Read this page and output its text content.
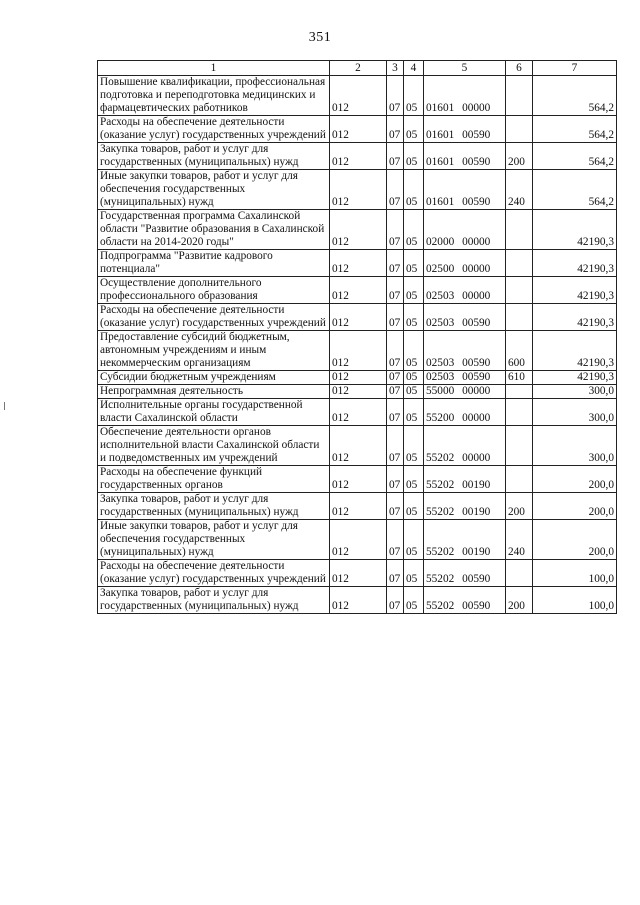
351
1	2	3	4	5	6	7
Повышение квалификации, профессиональная подготовка и переподготовка медицинских и фармацевтических работников	012	07	05	01601 00000		564,2
Расходы на обеспечение деятельности (оказание услуг) государственных учреждений	012	07	05	01601 00590		564,2
Закупка товаров, работ и услуг для государственных (муниципальных) нужд	012	07	05	01601 00590	200	564,2
Иные закупки товаров, работ и услуг для обеспечения государственных (муниципальных) нужд	012	07	05	01601 00590	240	564,2
Государственная программа Сахалинской области "Развитие образования в Сахалинской области на 2014-2020 годы"	012	07	05	02000 00000		42190,3
Подпрограмма "Развитие кадрового потенциала"	012	07	05	02500 00000		42190,3
Осуществление дополнительного профессионального образования	012	07	05	02503 00000		42190,3
Расходы на обеспечение деятельности (оказание услуг) государственных учреждений	012	07	05	02503 00590		42190,3
Предоставление субсидий бюджетным, автономным учреждениям и иным некоммерческим организациям	012	07	05	02503 00590	600	42190,3
Субсидии бюджетным учреждениям	012	07	05	02503 00590	610	42190,3
Непрограммная деятельность	012	07	05	55000 00000		300,0
Исполнительные органы государственной власти Сахалинской области	012	07	05	55200 00000		300,0
Обеспечение деятельности органов исполнительной власти Сахалинской области и подведомственных им учреждений	012	07	05	55202 00000		300,0
Расходы на обеспечение функций государственных органов	012	07	05	55202 00190		200,0
Закупка товаров, работ и услуг для государственных (муниципальных) нужд	012	07	05	55202 00190	200	200,0
Иные закупки товаров, работ и услуг для обеспечения государственных (муниципальных) нужд	012	07	05	55202 00190	240	200,0
Расходы на обеспечение деятельности (оказание услуг) государственных учреждений	012	07	05	55202 00590		100,0
Закупка товаров, работ и услуг для государственных (муниципальных) нужд	012	07	05	55202 00590	200	100,0
